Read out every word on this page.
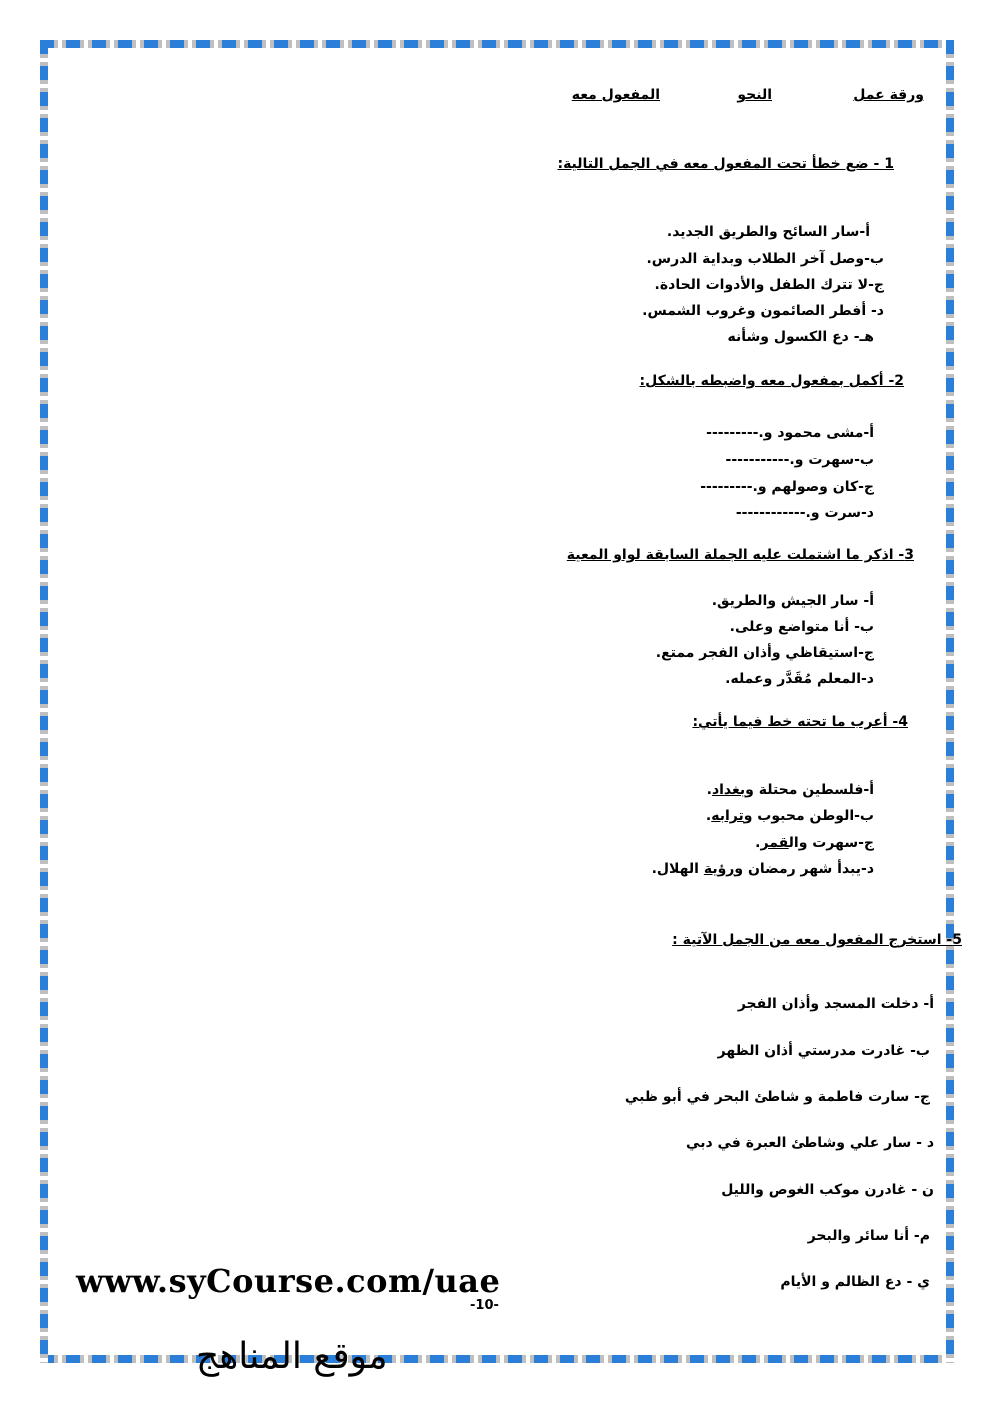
ورقة عمل
النحو
المفعول معه
1 - ضع خطأ تحت المفعول معه في الجمل التالية:
أ-سار السائح والطريق الجديد.
ب-وصل آخر الطلاب وبداية الدرس.
ج-لا تترك الطفل والأدوات الحادة.
د- أفطر الصائمون وغروب الشمس.
هـ- دع الكسول وشأنه
2- أكمل بمفعول معه واضبطه بالشكل:
أ-مشى محمود و.---------
ب-سهرت و.-----------
ج-كان وصولهم و.---------
د-سرت و.------------
3- اذكر ما اشتملت عليه الجملة السابقة لواو المعية
أ- سار الجيش والطريق.
ب- أنا متواضع وعلى.
ج-استيقاظي وأذان الفجر ممتع.
د-المعلم مُقَدَّر وعمله.
4- أعرب ما تحته خط فيما يأتي:
أ-فلسطين محتلة وبغداد.
ب-الوطن محبوب وترابه.
ج-سهرت والقمر.
د-يبدأ شهر رمضان ورؤية الهلال.
5- استخرج المفعول معه من الجمل الآتية :
أ- دخلت المسجد وأذان الفجر
ب- غادرت مدرستي أذان الظهر
ج- سارت فاطمة و شاطئ البحر في أبو ظبي
د - سار علي وشاطئ العبرة في دبي
ن - غادرن موكب الغوص والليل
م- أنا سائر والبحر
ي - دع الظالم و الأيام
www.syCourse.com/uae
-10-
موقع المناهج
